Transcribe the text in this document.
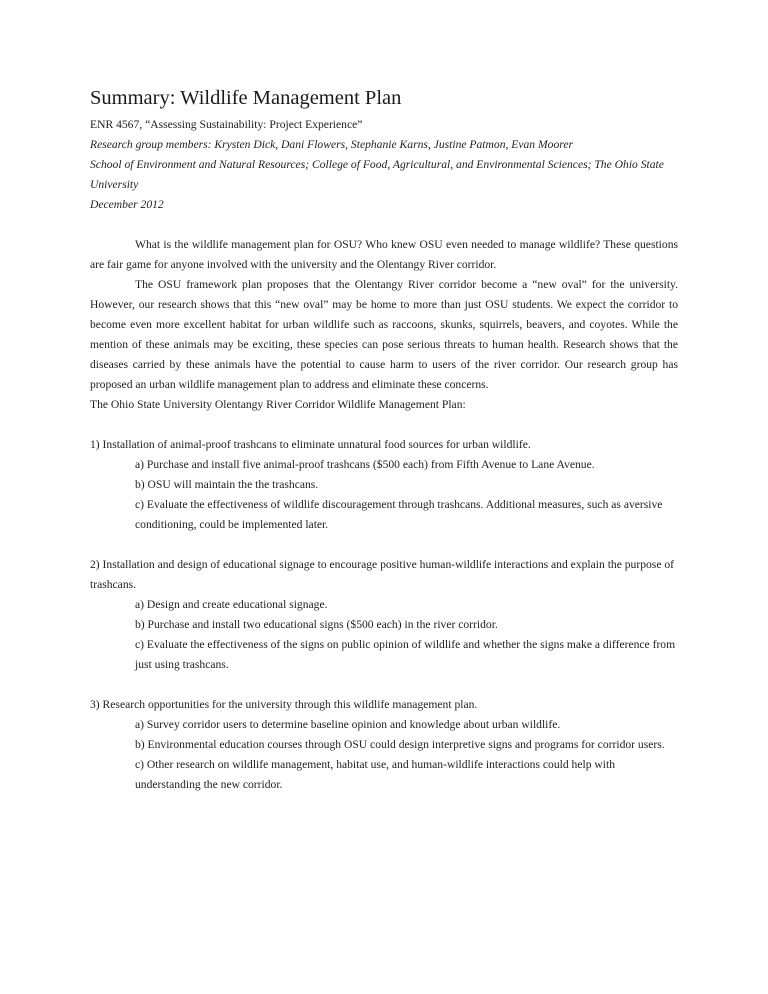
Summary: Wildlife Management Plan

ENR 4567, “Assessing Sustainability: Project Experience”

Research group members: Krysten Dick, Dani Flowers, Stephanie Karns, Justine Patmon, Evan Moorer

School of Environment and Natural Resources; College of Food, Agricultural, and Environmental Sciences; The Ohio State University

December 2012

What is the wildlife management plan for OSU? Who knew OSU even needed to manage wildlife? These questions are fair game for anyone involved with the university and the Olentangy River corridor.

The OSU framework plan proposes that the Olentangy River corridor become a “new oval” for the university. However, our research shows that this “new oval” may be home to more than just OSU students. We expect the corridor to become even more excellent habitat for urban wildlife such as raccoons, skunks, squirrels, beavers, and coyotes. While the mention of these animals may be exciting, these species can pose serious threats to human health. Research shows that the diseases carried by these animals have the potential to cause harm to users of the river corridor. Our research group has proposed an urban wildlife management plan to address and eliminate these concerns.

The Ohio State University Olentangy River Corridor Wildlife Management Plan:

1) Installation of animal-proof trashcans to eliminate unnatural food sources for urban wildlife.

a) Purchase and install five animal-proof trashcans ($500 each) from Fifth Avenue to Lane Avenue.

b) OSU will maintain the the trashcans.

c) Evaluate the effectiveness of wildlife discouragement through trashcans. Additional measures, such as aversive conditioning, could be implemented later.

2) Installation and design of educational signage to encourage positive human-wildlife interactions and explain the purpose of trashcans.

a) Design and create educational signage.

b) Purchase and install two educational signs ($500 each) in the river corridor.

c) Evaluate the effectiveness of the signs on public opinion of wildlife and whether the signs make a difference from just using trashcans.

3) Research opportunities for the university through this wildlife management plan.

a) Survey corridor users to determine baseline opinion and knowledge about urban wildlife.

b) Environmental education courses through OSU could design interpretive signs and programs for corridor users.

c) Other research on wildlife management, habitat use, and human-wildlife interactions could help with understanding the new corridor.
